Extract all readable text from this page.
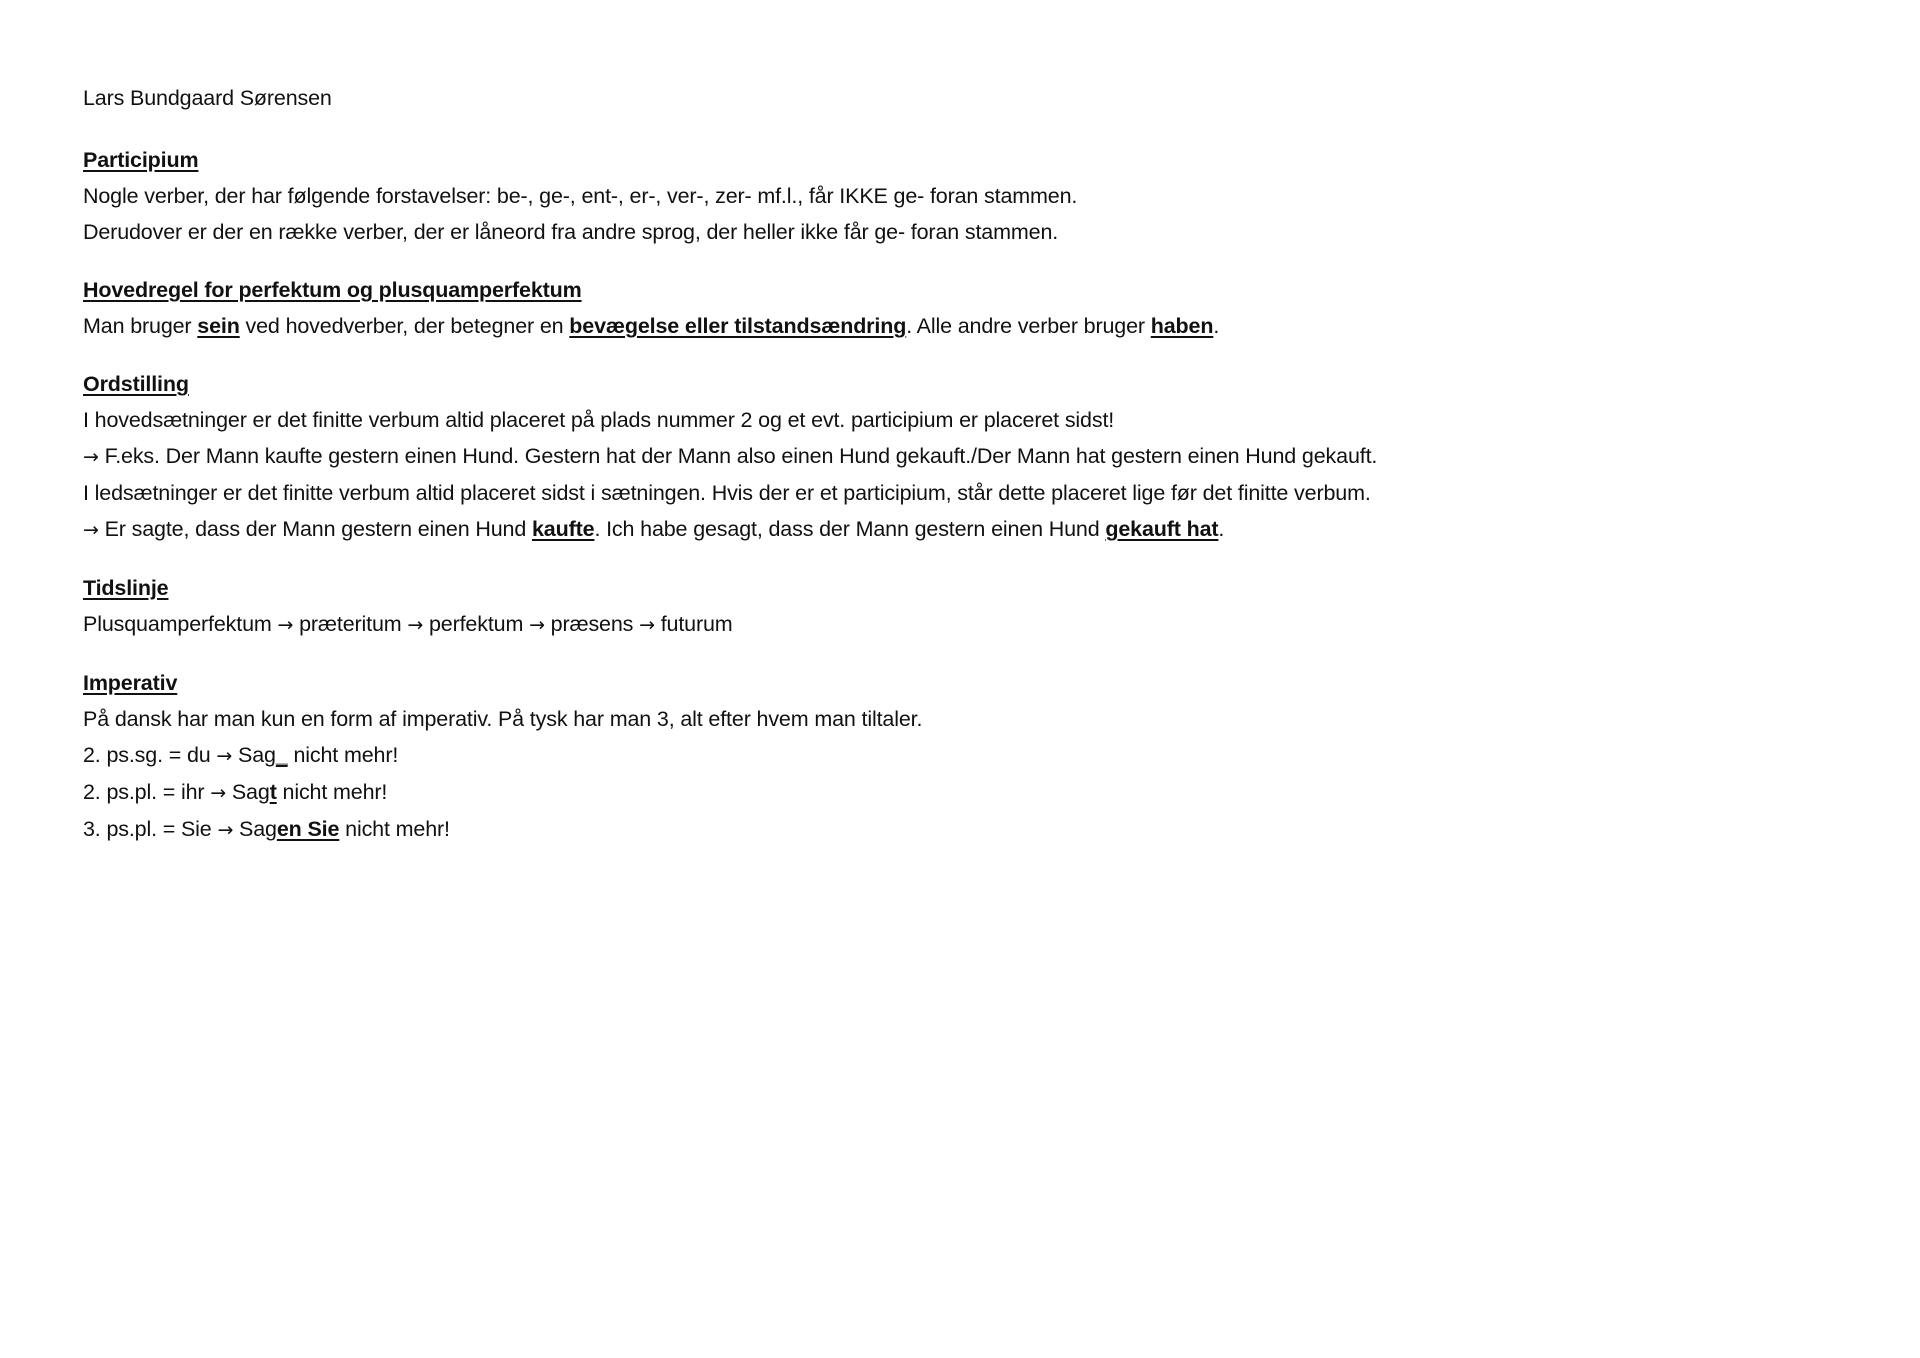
Lars Bundgaard Sørensen
Participium
Nogle verber, der har følgende forstavelser: be-, ge-, ent-, er-, ver-, zer- mf.l., får IKKE ge- foran stammen.
Derudover er der en række verber, der er låneord fra andre sprog, der heller ikke får ge- foran stammen.
Hovedregel for perfektum og plusquamperfektum
Man bruger sein ved hovedverber, der betegner en bevægelse eller tilstandsændring. Alle andre verber bruger haben.
Ordstilling
I hovedsætninger er det finitte verbum altid placeret på plads nummer 2 og et evt. participium er placeret sidst!
→ F.eks. Der Mann kaufte gestern einen Hund. Gestern hat der Mann also einen Hund gekauft./Der Mann hat gestern einen Hund gekauft.
I ledsætninger er det finitte verbum altid placeret sidst i sætningen. Hvis der er et participium, står dette placeret lige før det finitte verbum.
→ Er sagte, dass der Mann gestern einen Hund kaufte. Ich habe gesagt, dass der Mann gestern einen Hund gekauft hat.
Tidslinje
Plusquamperfektum → præteritum → perfektum → præsens → futurum
Imperativ
På dansk har man kun en form af imperativ. På tysk har man 3, alt efter hvem man tiltaler.
2. ps.sg. = du → Sag_ nicht mehr!
2. ps.pl. = ihr → Sagt nicht mehr!
3. ps.pl. = Sie → Sagen Sie nicht mehr!
